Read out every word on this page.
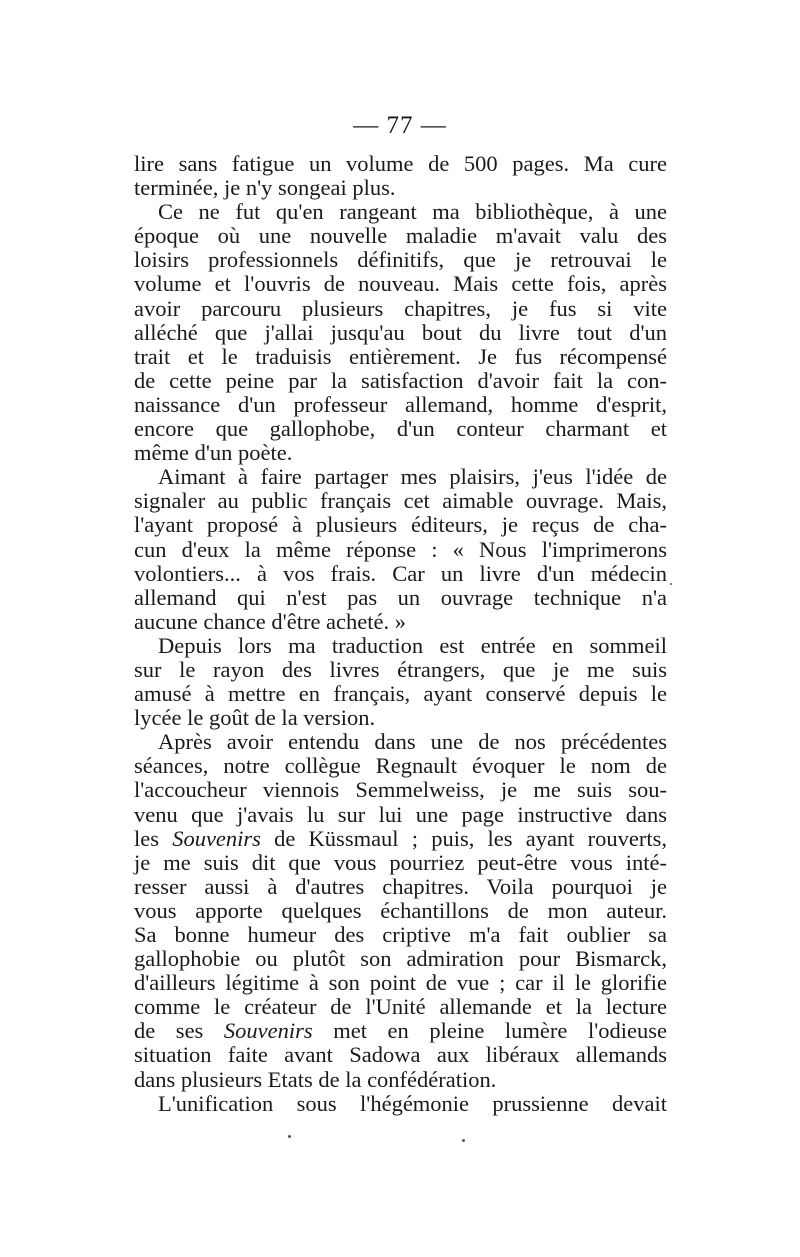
— 77 —
lire sans fatigue un volume de 500 pages. Ma cure
terminée, je n'y songeai plus.
Ce ne fut qu'en rangeant ma bibliothèque, à une
époque où une nouvelle maladie m'avait valu des
loisirs professionnels définitifs, que je retrouvai le
volume et l'ouvris de nouveau. Mais cette fois, après
avoir parcouru plusieurs chapitres, je fus si vite
alléché que j'allai jusqu'au bout du livre tout d'un
trait et le traduisis entièrement. Je fus récompensé
de cette peine par la satisfaction d'avoir fait la con-
naissance d'un professeur allemand, homme d'esprit,
encore que gallophobe, d'un conteur charmant et
même d'un poète.
Aimant à faire partager mes plaisirs, j'eus l'idée de
signaler au public français cet aimable ouvrage. Mais,
l'ayant proposé à plusieurs éditeurs, je reçus de cha-
cun d'eux la même réponse : « Nous l'imprimerons
volontiers... à vos frais. Car un livre d'un médecin
allemand qui n'est pas un ouvrage technique n'a
aucune chance d'être acheté. »
Depuis lors ma traduction est entrée en sommeil
sur le rayon des livres étrangers, que je me suis
amusé à mettre en français, ayant conservé depuis le
lycée le goût de la version.
Après avoir entendu dans une de nos précédentes
séances, notre collègue Regnault évoquer le nom de
l'accoucheur viennois Semmelweiss, je me suis sou-
venu que j'avais lu sur lui une page instructive dans
les Souvenirs de Küssmaul ; puis, les ayant rouverts,
je me suis dit que vous pourriez peut-être vous inté-
resser aussi à d'autres chapitres. Voila pourquoi je
vous apporte quelques échantillons de mon auteur.
Sa bonne humeur des criptive m'a fait oublier sa
gallophobie ou plutôt son admiration pour Bismarck,
d'ailleurs légitime à son point de vue ; car il le glorifie
comme le créateur de l'Unité allemande et la lecture
de ses Souvenirs met en pleine lumère l'odieuse
situation faite avant Sadowa aux libéraux allemands
dans plusieurs Etats de la confédération.
L'unification sous l'hégémonie prussienne devait
